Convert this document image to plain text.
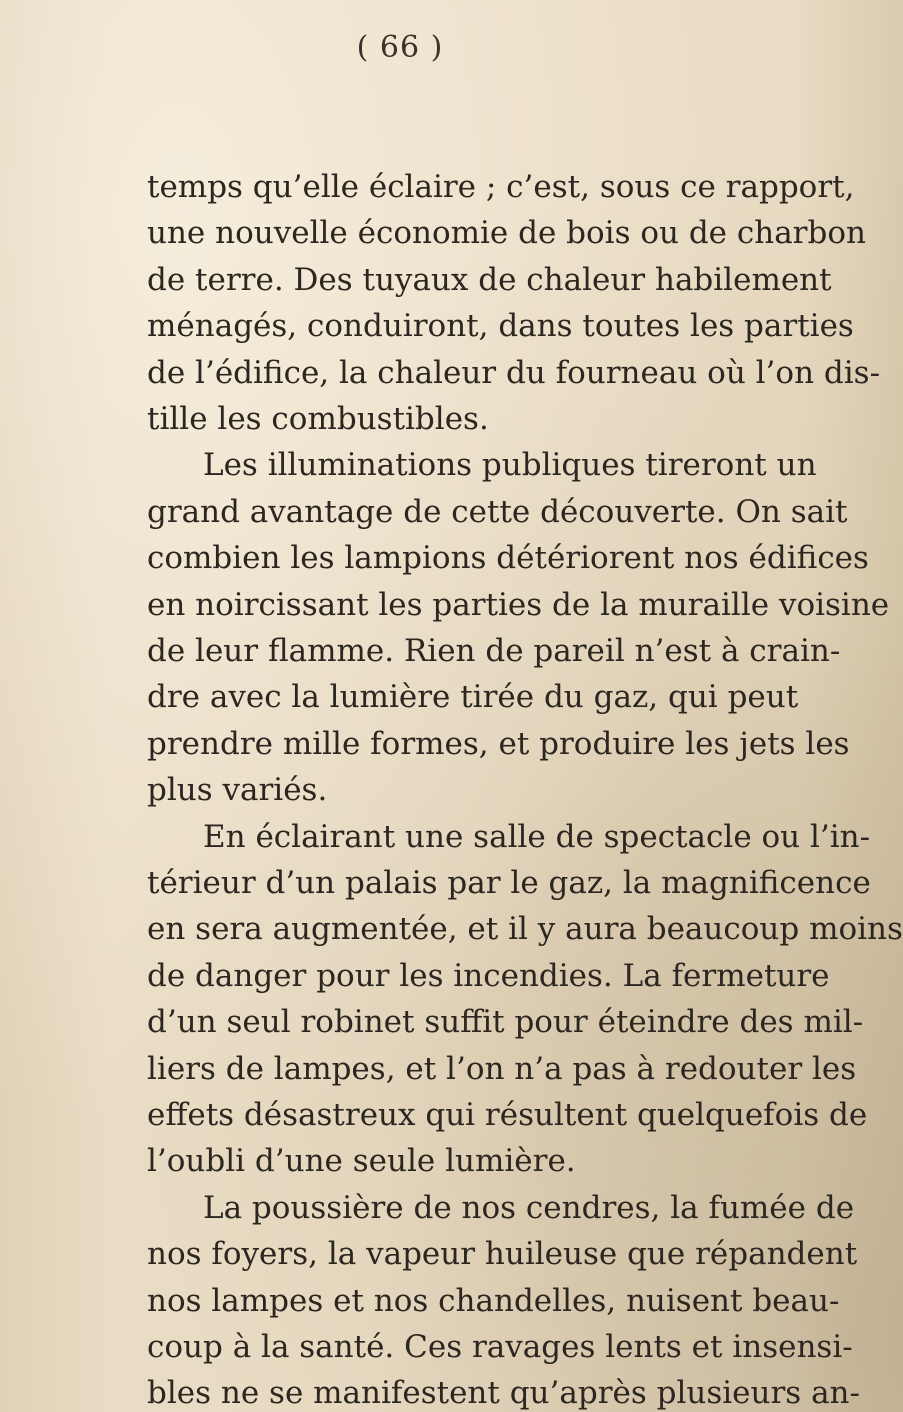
( 66 )
temps qu’elle éclaire ; c’est, sous ce rapport,
une nouvelle économie de bois ou de charbon
de terre. Des tuyaux de chaleur habilement
ménagés, conduiront, dans toutes les parties
de l’édifice, la chaleur du fourneau où l’on dis-
tille les combustibles.
Les illuminations publiques tireront un
grand avantage de cette découverte. On sait
combien les lampions détériorent nos édifices
en noircissant les parties de la muraille voisine
de leur flamme. Rien de pareil n’est à crain-
dre avec la lumière tirée du gaz, qui peut
prendre mille formes, et produire les jets les
plus variés.
En éclairant une salle de spectacle ou l’in-
térieur d’un palais par le gaz, la magnificence
en sera augmentée, et il y aura beaucoup moins
de danger pour les incendies. La fermeture
d’un seul robinet suffit pour éteindre des mil-
liers de lampes, et l’on n’a pas à redouter les
effets désastreux qui résultent quelquefois de
l’oubli d’une seule lumière.
La poussière de nos cendres, la fumée de
nos foyers, la vapeur huileuse que répandent
nos lampes et nos chandelles, nuisent beau-
coup à la santé. Ces ravages lents et insensi-
bles ne se manifestent qu’après plusieurs an-
